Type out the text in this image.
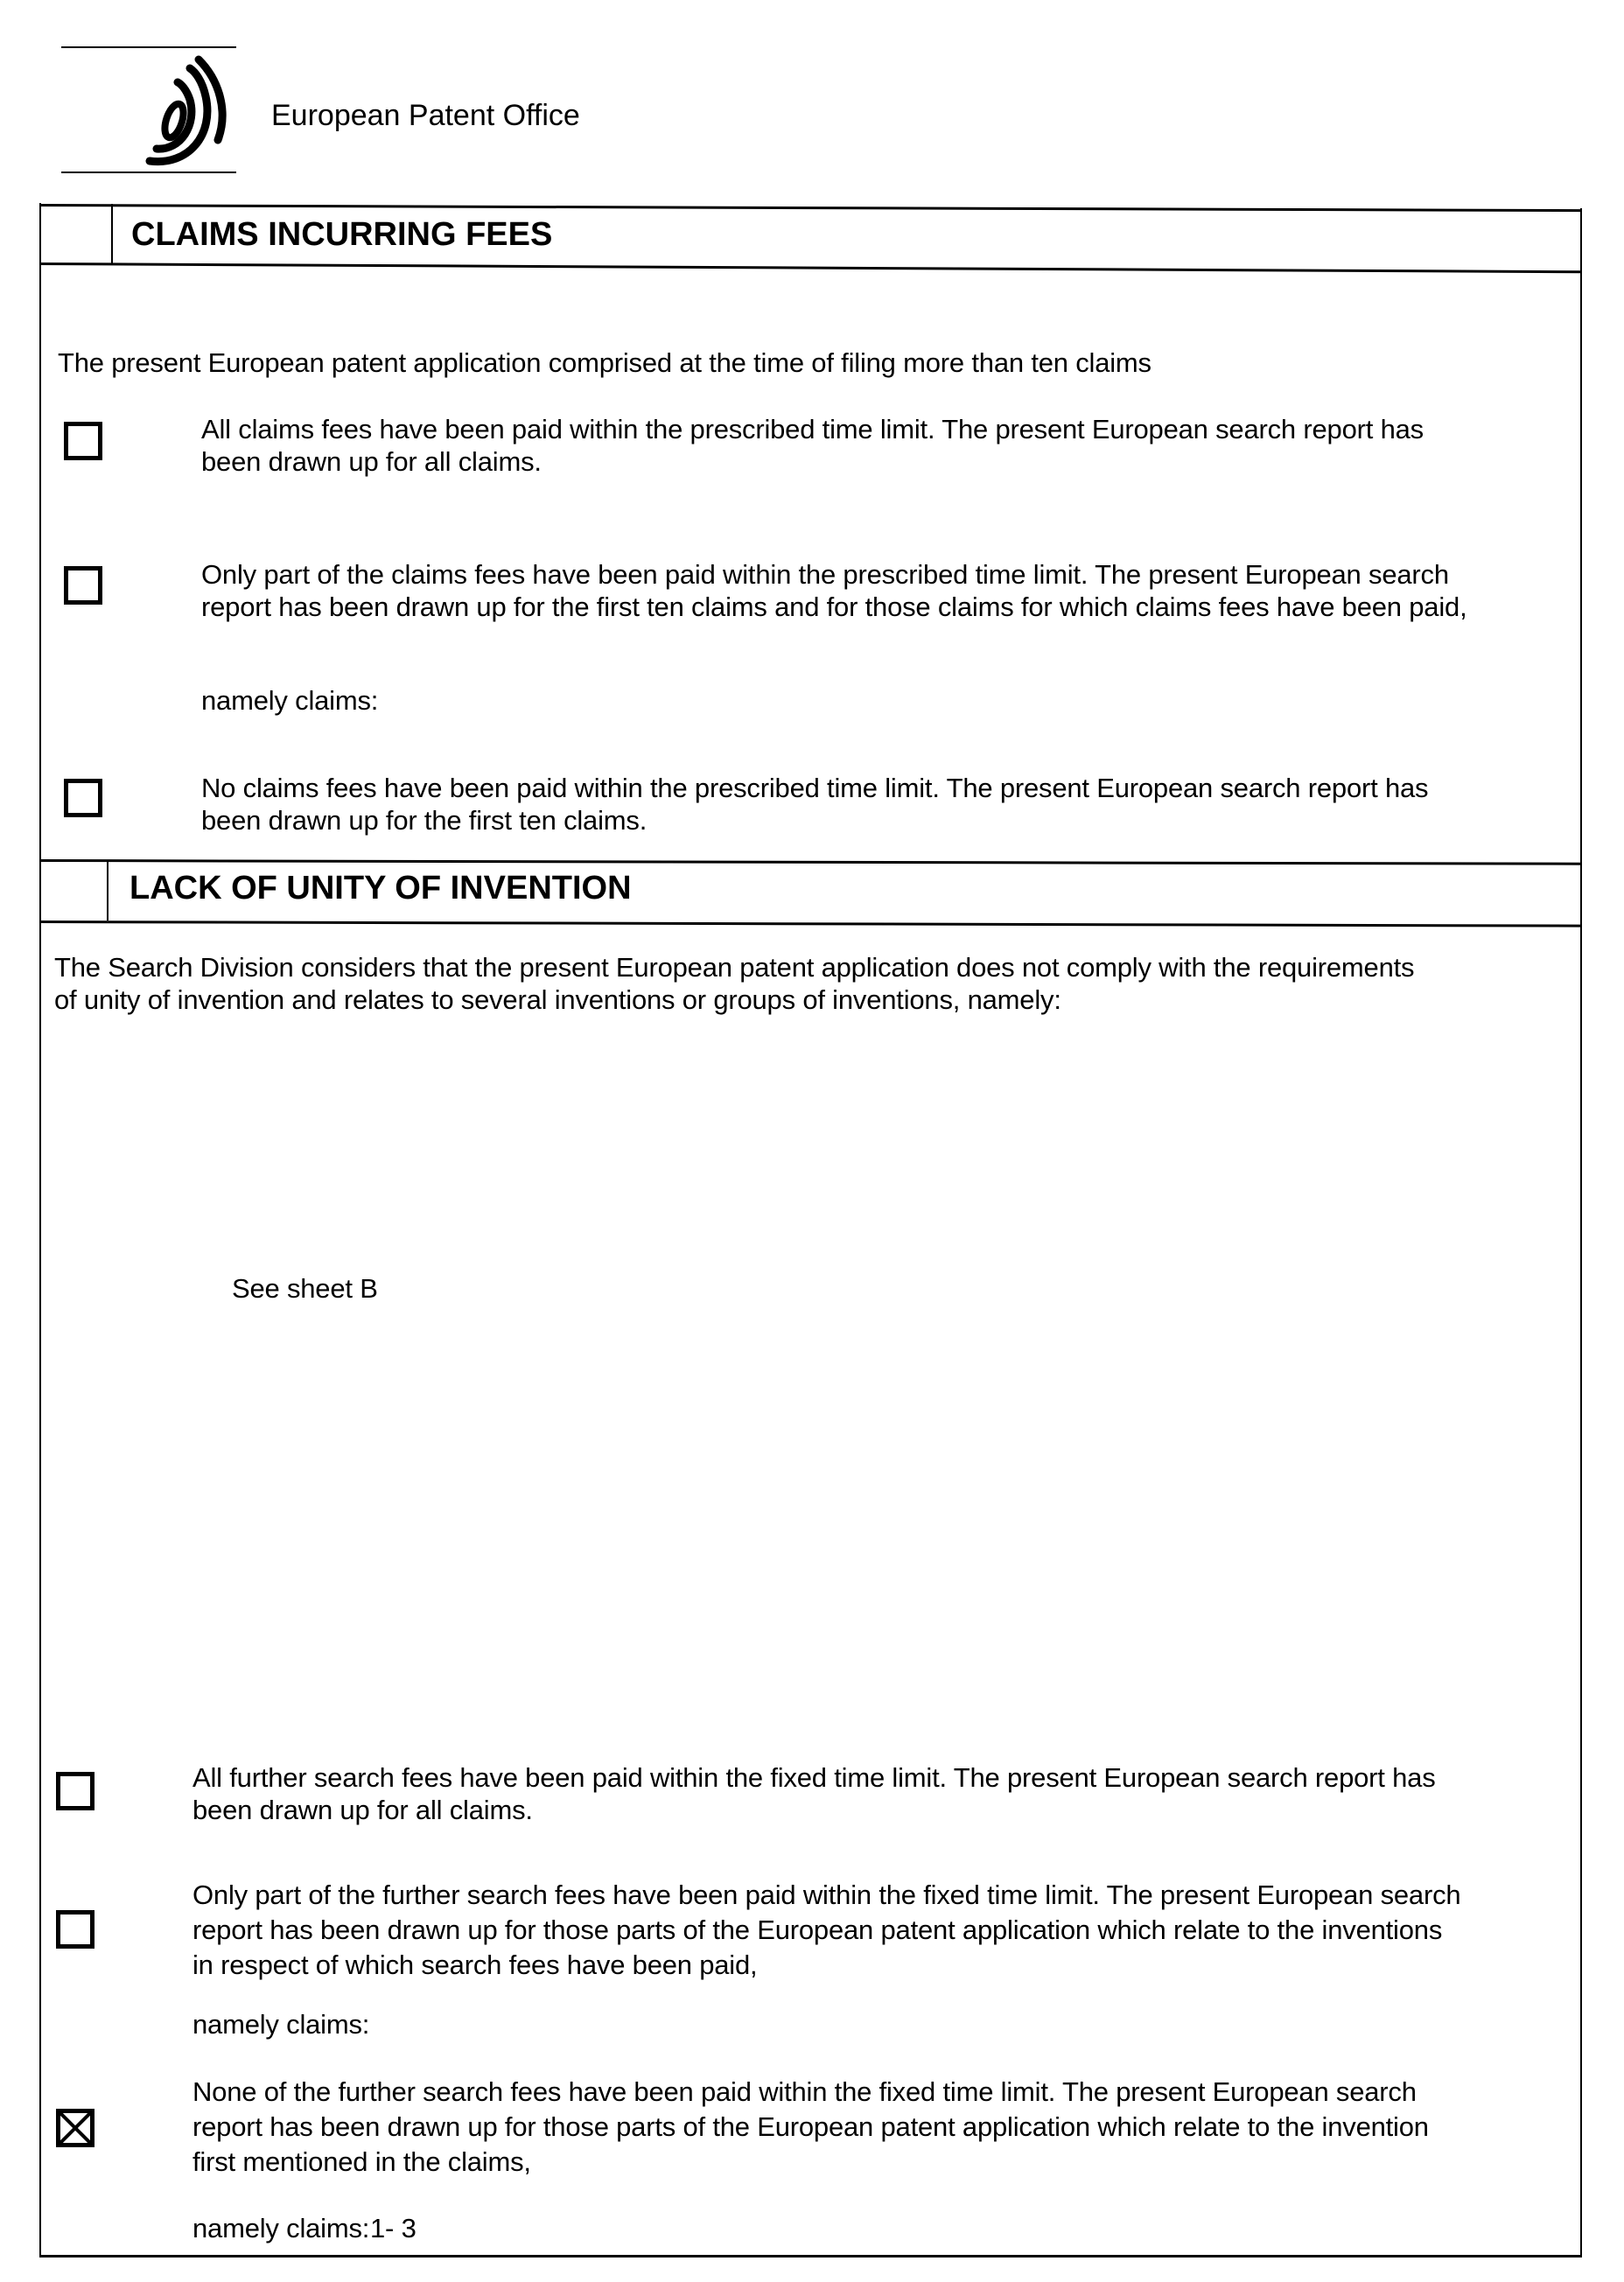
European Patent Office
CLAIMS INCURRING FEES
The present European patent application comprised at the time of filing more than ten claims
All claims fees have been paid within the prescribed time limit. The present European search report has
been drawn up for all claims.
Only part of the claims fees have been paid within the prescribed time limit. The present European search
report has been drawn up for the first ten claims and for those claims for which claims fees have been paid,
namely claims:
No claims fees have been paid within the prescribed time limit. The present European search report has
been drawn up for the first ten claims.
LACK OF UNITY OF INVENTION
The Search Division considers that the present European patent application does not comply with the requirements
of unity of invention and relates to several inventions or groups of inventions, namely:
See sheet B
All further search fees have been paid within the fixed time limit. The present European search report has
been drawn up for all claims.
Only part of the further search fees have been paid within the fixed time limit. The present European search
report has been drawn up for those parts of the European patent application which relate to the inventions
in respect of which search fees have been paid,
namely claims:
None of the further search fees have been paid within the fixed time limit. The present European search
report has been drawn up for those parts of the European patent application which relate to the invention
first mentioned in the claims,
namely claims: 1- 3
